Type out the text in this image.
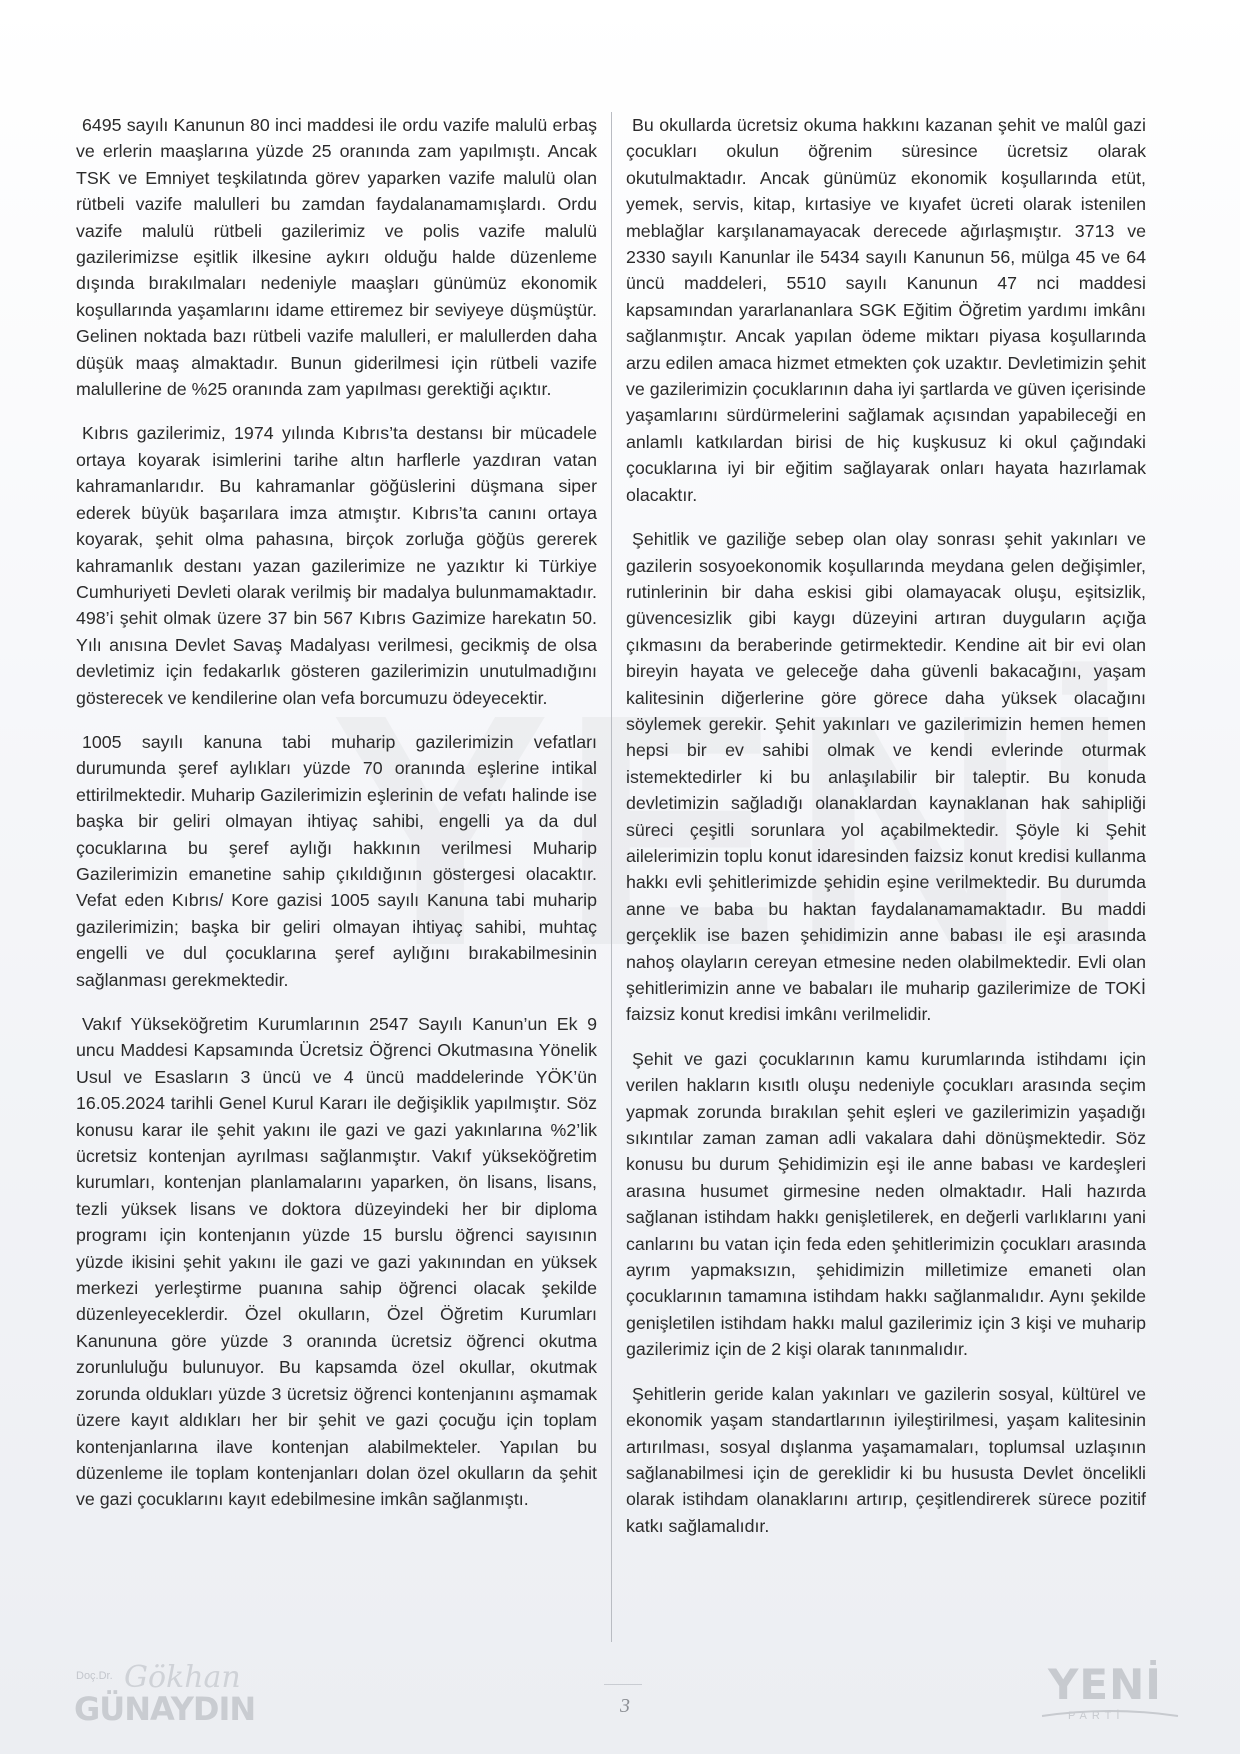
6495 sayılı Kanunun 80 inci maddesi ile ordu vazife malulü erbaş ve erlerin maaşlarına yüzde 25 oranında zam yapılmıştı. Ancak TSK ve Emniyet teşkilatında görev yaparken vazife malulü olan rütbeli vazife malulleri bu zamdan faydalanamamışlardı. Ordu vazife malulü rütbeli gazilerimiz ve polis vazife malulü gazilerimizse eşitlik ilkesine aykırı olduğu halde düzenleme dışında bırakılmaları nedeniyle maaşları günümüz ekonomik koşullarında yaşamlarını idame ettiremez bir seviyeye düşmüştür. Gelinen noktada bazı rütbeli vazife malulleri, er malullerden daha düşük maaş almaktadır. Bunun giderilmesi için rütbeli vazife malullerine de %25 oranında zam yapılması gerektiği açıktır.

Kıbrıs gazilerimiz, 1974 yılında Kıbrıs’ta destansı bir mücadele ortaya koyarak isimlerini tarihe altın harflerle yazdıran vatan kahramanlarıdır. Bu kahramanlar göğüslerini düşmana siper ederek büyük başarılara imza atmıştır. Kıbrıs’ta canını ortaya koyarak, şehit olma pahasına, birçok zorluğa göğüs gererek kahramanlık destanı yazan gazilerimize ne yazıktır ki Türkiye Cumhuriyeti Devleti olarak verilmiş bir madalya bulunmamaktadır. 498’i şehit olmak üzere 37 bin 567 Kıbrıs Gazimize harekatın 50. Yılı anısına Devlet Savaş Madalyası verilmesi, gecikmiş de olsa devletimiz için fedakarlık gösteren gazilerimizin unutulmadığını gösterecek ve kendilerine olan vefa borcumuzu ödeyecektir.

1005 sayılı kanuna tabi muharip gazilerimizin vefatları durumunda şeref aylıkları yüzde 70 oranında eşlerine intikal ettirilmektedir. Muharip Gazilerimizin eşlerinin de vefatı halinde ise başka bir geliri olmayan ihtiyaç sahibi, engelli ya da dul çocuklarına bu şeref aylığı hakkının verilmesi Muharip Gazilerimizin emanetine sahip çıkıldığının göstergesi olacaktır. Vefat eden Kıbrıs/ Kore gazisi 1005 sayılı Kanuna tabi muharip gazilerimizin; başka bir geliri olmayan ihtiyaç sahibi, muhtaç engelli ve dul çocuklarına şeref aylığını bırakabilmesinin sağlanması gerekmektedir.

Vakıf Yükseköğretim Kurumlarının 2547 Sayılı Kanun’un Ek 9 uncu Maddesi Kapsamında Ücretsiz Öğrenci Okutmasına Yönelik Usul ve Esasların 3 üncü ve 4 üncü maddelerinde YÖK’ün 16.05.2024 tarihli Genel Kurul Kararı ile değişiklik yapılmıştır. Söz konusu karar ile şehit yakını ile gazi ve gazi yakınlarına %2’lik ücretsiz kontenjan ayrılması sağlanmıştır. Vakıf yükseköğretim kurumları, kontenjan planlamalarını yaparken, ön lisans, lisans, tezli yüksek lisans ve doktora düzeyindeki her bir diploma programı için kontenjanın yüzde 15 burslu öğrenci sayısının yüzde ikisini şehit yakını ile gazi ve gazi yakınından en yüksek merkezi yerleştirme puanına sahip öğrenci olacak şekilde düzenleyeceklerdir. Özel okulların, Özel Öğretim Kurumları Kanununa göre yüzde 3 oranında ücretsiz öğrenci okutma zorunluluğu bulunuyor. Bu kapsamda özel okullar, okutmak zorunda oldukları yüzde 3 ücretsiz öğrenci kontenjanını aşmamak üzere kayıt aldıkları her bir şehit ve gazi çocuğu için toplam kontenjanlarına ilave kontenjan alabilmekteler. Yapılan bu düzenleme ile toplam kontenjanları dolan özel okulların da şehit ve gazi çocuklarını kayıt edebilmesine imkân sağlanmıştı.

Bu okullarda ücretsiz okuma hakkını kazanan şehit ve malûl gazi çocukları okulun öğrenim süresince ücretsiz olarak okutulmaktadır. Ancak günümüz ekonomik koşullarında etüt, yemek, servis, kitap, kırtasiye ve kıyafet ücreti olarak istenilen meblağlar karşılanamayacak derecede ağırlaşmıştır. 3713 ve 2330 sayılı Kanunlar ile 5434 sayılı Kanunun 56, mülga 45 ve 64 üncü maddeleri, 5510 sayılı Kanunun 47 nci maddesi kapsamından yararlananlara SGK Eğitim Öğretim yardımı imkânı sağlanmıştır. Ancak yapılan ödeme miktarı piyasa koşullarında arzu edilen amaca hizmet etmekten çok uzaktır. Devletimizin şehit ve gazilerimizin çocuklarının daha iyi şartlarda ve güven içerisinde yaşamlarını sürdürmelerini sağlamak açısından yapabileceği en anlamlı katkılardan birisi de hiç kuşkusuz ki okul çağındaki çocuklarına iyi bir eğitim sağlayarak onları hayata hazırlamak olacaktır.

Şehitlik ve gaziliğe sebep olan olay sonrası şehit yakınları ve gazilerin sosyoekonomik koşullarında meydana gelen değişimler, rutinlerinin bir daha eskisi gibi olamayacak oluşu, eşitsizlik, güvencesizlik gibi kaygı düzeyini artıran duyguların açığa çıkmasını da beraberinde getirmektedir. Kendine ait bir evi olan bireyin hayata ve geleceğe daha güvenli bakacağını, yaşam kalitesinin diğerlerine göre görece daha yüksek olacağını söylemek gerekir. Şehit yakınları ve gazilerimizin hemen hemen hepsi bir ev sahibi olmak ve kendi evlerinde oturmak istemektedirler ki bu anlaşılabilir bir taleptir. Bu konuda devletimizin sağladığı olanaklardan kaynaklanan hak sahipliği süreci çeşitli sorunlara yol açabilmektedir. Şöyle ki Şehit ailelerimizin toplu konut idaresinden faizsiz konut kredisi kullanma hakkı evli şehitlerimizde şehidin eşine verilmektedir. Bu durumda anne ve baba bu haktan faydalanamamaktadır. Bu maddi gerçeklik ise bazen şehidimizin anne babası ile eşi arasında nahoş olayların cereyan etmesine neden olabilmektedir. Evli olan şehitlerimizin anne ve babaları ile muharip gazilerimize de TOKİ faizsiz konut kredisi imkânı verilmelidir.

Şehit ve gazi çocuklarının kamu kurumlarında istihdamı için verilen hakların kısıtlı oluşu nedeniyle çocukları arasında seçim yapmak zorunda bırakılan şehit eşleri ve gazilerimizin yaşadığı sıkıntılar zaman zaman adli vakalara dahi dönüşmektedir. Söz konusu bu durum Şehidimizin eşi ile anne babası ve kardeşleri arasına husumet girmesine neden olmaktadır. Hali hazırda sağlanan istihdam hakkı genişletilerek, en değerli varlıklarını yani canlarını bu vatan için feda eden şehitlerimizin çocukları arasında ayrım yapmaksızın, şehidimizin milletimize emaneti olan çocuklarının tamamına istihdam hakkı sağlanmalıdır. Aynı şekilde genişletilen istihdam hakkı malul gazilerimiz için 3 kişi ve muharip gazilerimiz için de 2 kişi olarak tanınmalıdır.

Şehitlerin geride kalan yakınları ve gazilerin sosyal, kültürel ve ekonomik yaşam standartlarının iyileştirilmesi, yaşam kalitesinin artırılması, sosyal dışlanma yaşamamaları, toplumsal uzlaşının sağlanabilmesi için de gereklidir ki bu hususta Devlet öncelikli olarak istihdam olanaklarını artırıp, çeşitlendirerek sürece pozitif katkı sağlamalıdır.

Doç.Dr. Gökhan
GÜNAYDIN	3	YENİ
PARTİ
